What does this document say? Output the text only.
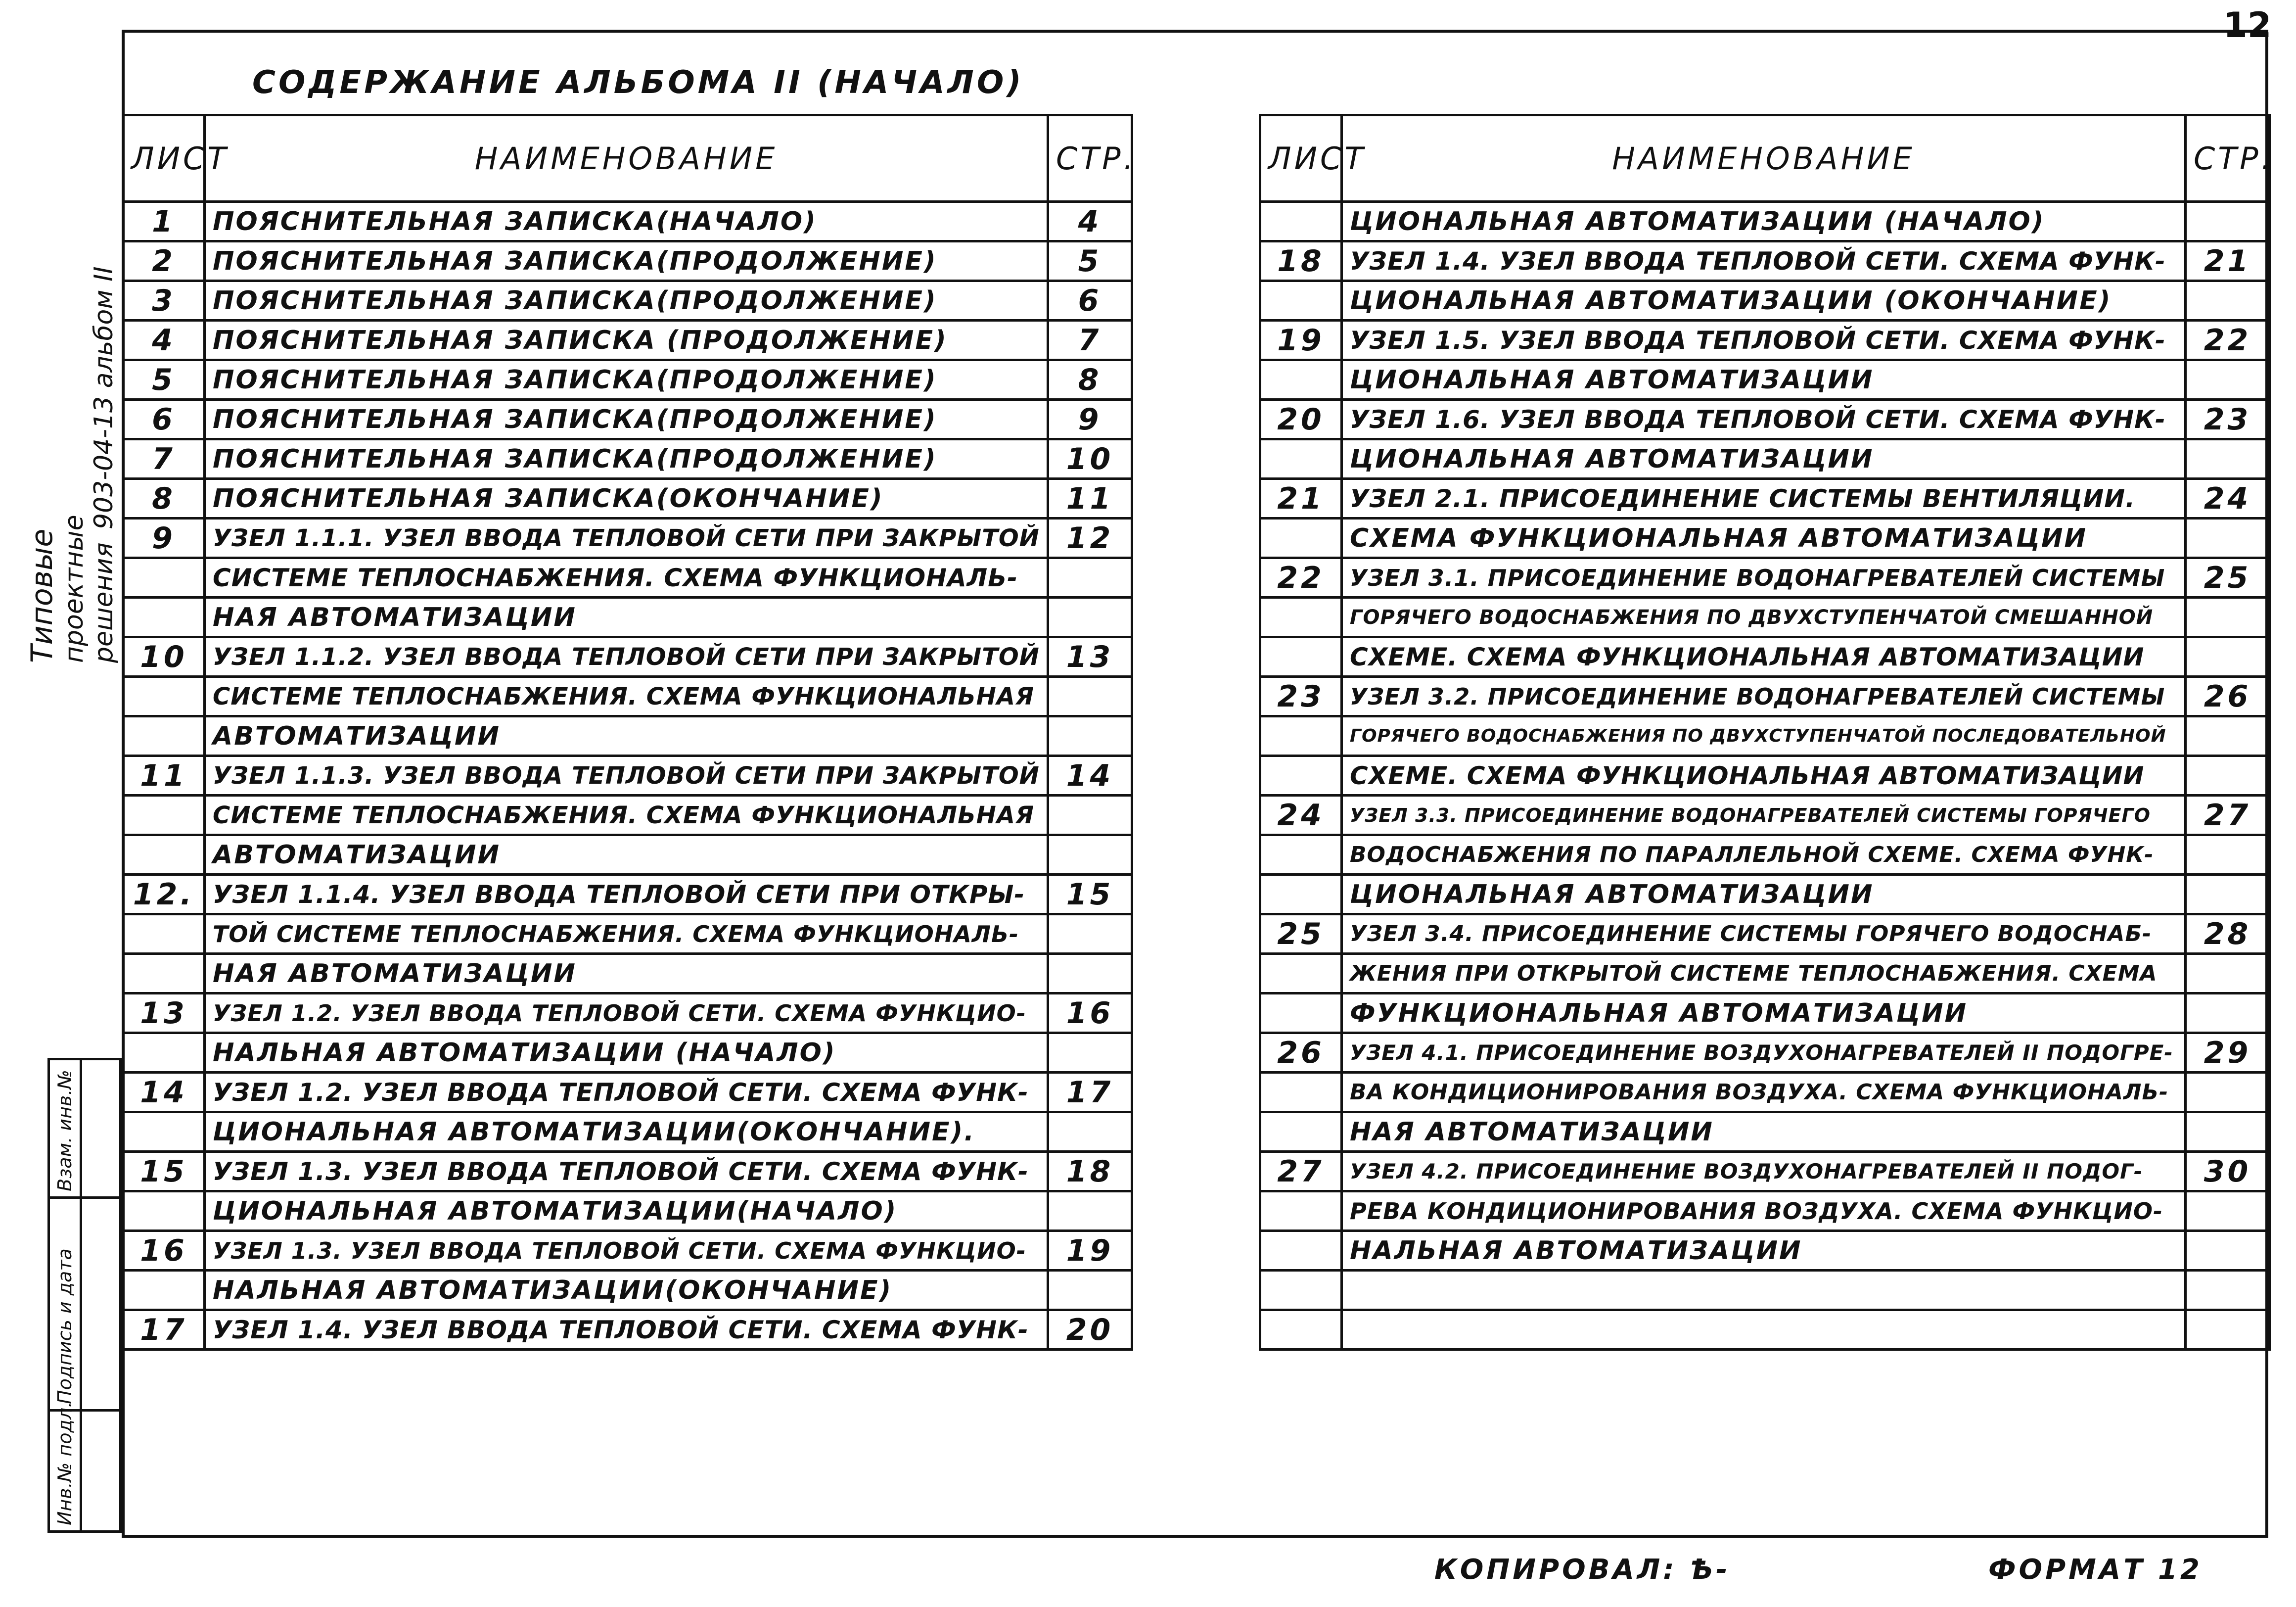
12
СОДЕРЖАНИЕ АЛЬБОМА II (НАЧАЛО)
Типовые проектные решения
903-04-13 альбом II
Взам. инв.№
Подпись и дата
Инв.№ подл.
ЛИСТ	НАИМЕНОВАНИЕ	СТР.
1	ПОЯСНИТЕЛЬНАЯ ЗАПИСКА(НАЧАЛО)	4
2	ПОЯСНИТЕЛЬНАЯ ЗАПИСКА(ПРОДОЛЖЕНИЕ)	5
3	ПОЯСНИТЕЛЬНАЯ ЗАПИСКА(ПРОДОЛЖЕНИЕ)	6
4	ПОЯСНИТЕЛЬНАЯ ЗАПИСКА (ПРОДОЛЖЕНИЕ)	7
5	ПОЯСНИТЕЛЬНАЯ ЗАПИСКА(ПРОДОЛЖЕНИЕ)	8
6	ПОЯСНИТЕЛЬНАЯ ЗАПИСКА(ПРОДОЛЖЕНИЕ)	9
7	ПОЯСНИТЕЛЬНАЯ ЗАПИСКА(ПРОДОЛЖЕНИЕ)	10
8	ПОЯСНИТЕЛЬНАЯ ЗАПИСКА(ОКОНЧАНИЕ)	11
9	УЗЕЛ 1.1.1. УЗЕЛ ВВОДА ТЕПЛОВОЙ СЕТИ ПРИ ЗАКРЫТОЙ	12
	СИСТЕМЕ ТЕПЛОСНАБЖЕНИЯ. СХЕМА ФУНКЦИОНАЛЬ-	
	НАЯ АВТОМАТИЗАЦИИ	
10	УЗЕЛ 1.1.2. УЗЕЛ ВВОДА ТЕПЛОВОЙ СЕТИ ПРИ ЗАКРЫТОЙ	13
	СИСТЕМЕ ТЕПЛОСНАБЖЕНИЯ. СХЕМА ФУНКЦИОНАЛЬНАЯ	
	АВТОМАТИЗАЦИИ	
11	УЗЕЛ 1.1.3. УЗЕЛ ВВОДА ТЕПЛОВОЙ СЕТИ ПРИ ЗАКРЫТОЙ	14
	СИСТЕМЕ ТЕПЛОСНАБЖЕНИЯ. СХЕМА ФУНКЦИОНАЛЬНАЯ	
	АВТОМАТИЗАЦИИ	
12.	УЗЕЛ 1.1.4. УЗЕЛ ВВОДА ТЕПЛОВОЙ СЕТИ ПРИ ОТКРЫ-	15
	ТОЙ СИСТЕМЕ ТЕПЛОСНАБЖЕНИЯ. СХЕМА ФУНКЦИОНАЛЬ-	
	НАЯ АВТОМАТИЗАЦИИ	
13	УЗЕЛ 1.2. УЗЕЛ ВВОДА ТЕПЛОВОЙ СЕТИ. СХЕМА ФУНКЦИО-	16
	НАЛЬНАЯ АВТОМАТИЗАЦИИ (НАЧАЛО)	
14	УЗЕЛ 1.2. УЗЕЛ ВВОДА ТЕПЛОВОЙ СЕТИ. СХЕМА ФУНК-	17
	ЦИОНАЛЬНАЯ АВТОМАТИЗАЦИИ(ОКОНЧАНИЕ).	
15	УЗЕЛ 1.3. УЗЕЛ ВВОДА ТЕПЛОВОЙ СЕТИ. СХЕМА ФУНК-	18
	ЦИОНАЛЬНАЯ АВТОМАТИЗАЦИИ(НАЧАЛО)	
16	УЗЕЛ 1.3. УЗЕЛ ВВОДА ТЕПЛОВОЙ СЕТИ. СХЕМА ФУНКЦИО-	19
	НАЛЬНАЯ АВТОМАТИЗАЦИИ(ОКОНЧАНИЕ)	
17	УЗЕЛ 1.4. УЗЕЛ ВВОДА ТЕПЛОВОЙ СЕТИ. СХЕМА ФУНК-	20
ЛИСТ	НАИМЕНОВАНИЕ	СТР.
	ЦИОНАЛЬНАЯ АВТОМАТИЗАЦИИ (НАЧАЛО)	
18	УЗЕЛ 1.4. УЗЕЛ ВВОДА ТЕПЛОВОЙ СЕТИ. СХЕМА ФУНК-	21
	ЦИОНАЛЬНАЯ АВТОМАТИЗАЦИИ (ОКОНЧАНИЕ)	
19	УЗЕЛ 1.5. УЗЕЛ ВВОДА ТЕПЛОВОЙ СЕТИ. СХЕМА ФУНК-	22
	ЦИОНАЛЬНАЯ АВТОМАТИЗАЦИИ	
20	УЗЕЛ 1.6. УЗЕЛ ВВОДА ТЕПЛОВОЙ СЕТИ. СХЕМА ФУНК-	23
	ЦИОНАЛЬНАЯ АВТОМАТИЗАЦИИ	
21	УЗЕЛ 2.1. ПРИСОЕДИНЕНИЕ СИСТЕМЫ ВЕНТИЛЯЦИИ.	24
	СХЕМА ФУНКЦИОНАЛЬНАЯ АВТОМАТИЗАЦИИ	
22	УЗЕЛ 3.1. ПРИСОЕДИНЕНИЕ ВОДОНАГРЕВАТЕЛЕЙ СИСТЕМЫ	25
	ГОРЯЧЕГО ВОДОСНАБЖЕНИЯ ПО ДВУХСТУПЕНЧАТОЙ СМЕШАННОЙ	
	СХЕМЕ. СХЕМА ФУНКЦИОНАЛЬНАЯ АВТОМАТИЗАЦИИ	
23	УЗЕЛ 3.2. ПРИСОЕДИНЕНИЕ ВОДОНАГРЕВАТЕЛЕЙ СИСТЕМЫ	26
	ГОРЯЧЕГО ВОДОСНАБЖЕНИЯ ПО ДВУХСТУПЕНЧАТОЙ ПОСЛЕДОВАТЕЛЬНОЙ	
	СХЕМЕ. СХЕМА ФУНКЦИОНАЛЬНАЯ АВТОМАТИЗАЦИИ	
24	УЗЕЛ 3.3. ПРИСОЕДИНЕНИЕ ВОДОНАГРЕВАТЕЛЕЙ СИСТЕМЫ ГОРЯЧЕГО	27
	ВОДОСНАБЖЕНИЯ ПО ПАРАЛЛЕЛЬНОЙ СХЕМЕ. СХЕМА ФУНК-	
	ЦИОНАЛЬНАЯ АВТОМАТИЗАЦИИ	
25	УЗЕЛ 3.4. ПРИСОЕДИНЕНИЕ СИСТЕМЫ ГОРЯЧЕГО ВОДОСНАБ-	28
	ЖЕНИЯ ПРИ ОТКРЫТОЙ СИСТЕМЕ ТЕПЛОСНАБЖЕНИЯ. СХЕМА	
	ФУНКЦИОНАЛЬНАЯ АВТОМАТИЗАЦИИ	
26	УЗЕЛ 4.1. ПРИСОЕДИНЕНИЕ ВОЗДУХОНАГРЕВАТЕЛЕЙ II ПОДОГРЕ-	29
	ВА КОНДИЦИОНИРОВАНИЯ ВОЗДУХА. СХЕМА ФУНКЦИОНАЛЬ-	
	НАЯ АВТОМАТИЗАЦИИ	
27	УЗЕЛ 4.2. ПРИСОЕДИНЕНИЕ ВОЗДУХОНАГРЕВАТЕЛЕЙ II ПОДОГ-	30
	РЕВА КОНДИЦИОНИРОВАНИЯ ВОЗДУХА. СХЕМА ФУНКЦИО-	
	НАЛЬНАЯ АВТОМАТИЗАЦИИ	

КОПИРОВАЛ: Ѣ-	ФОРМАТ 12
